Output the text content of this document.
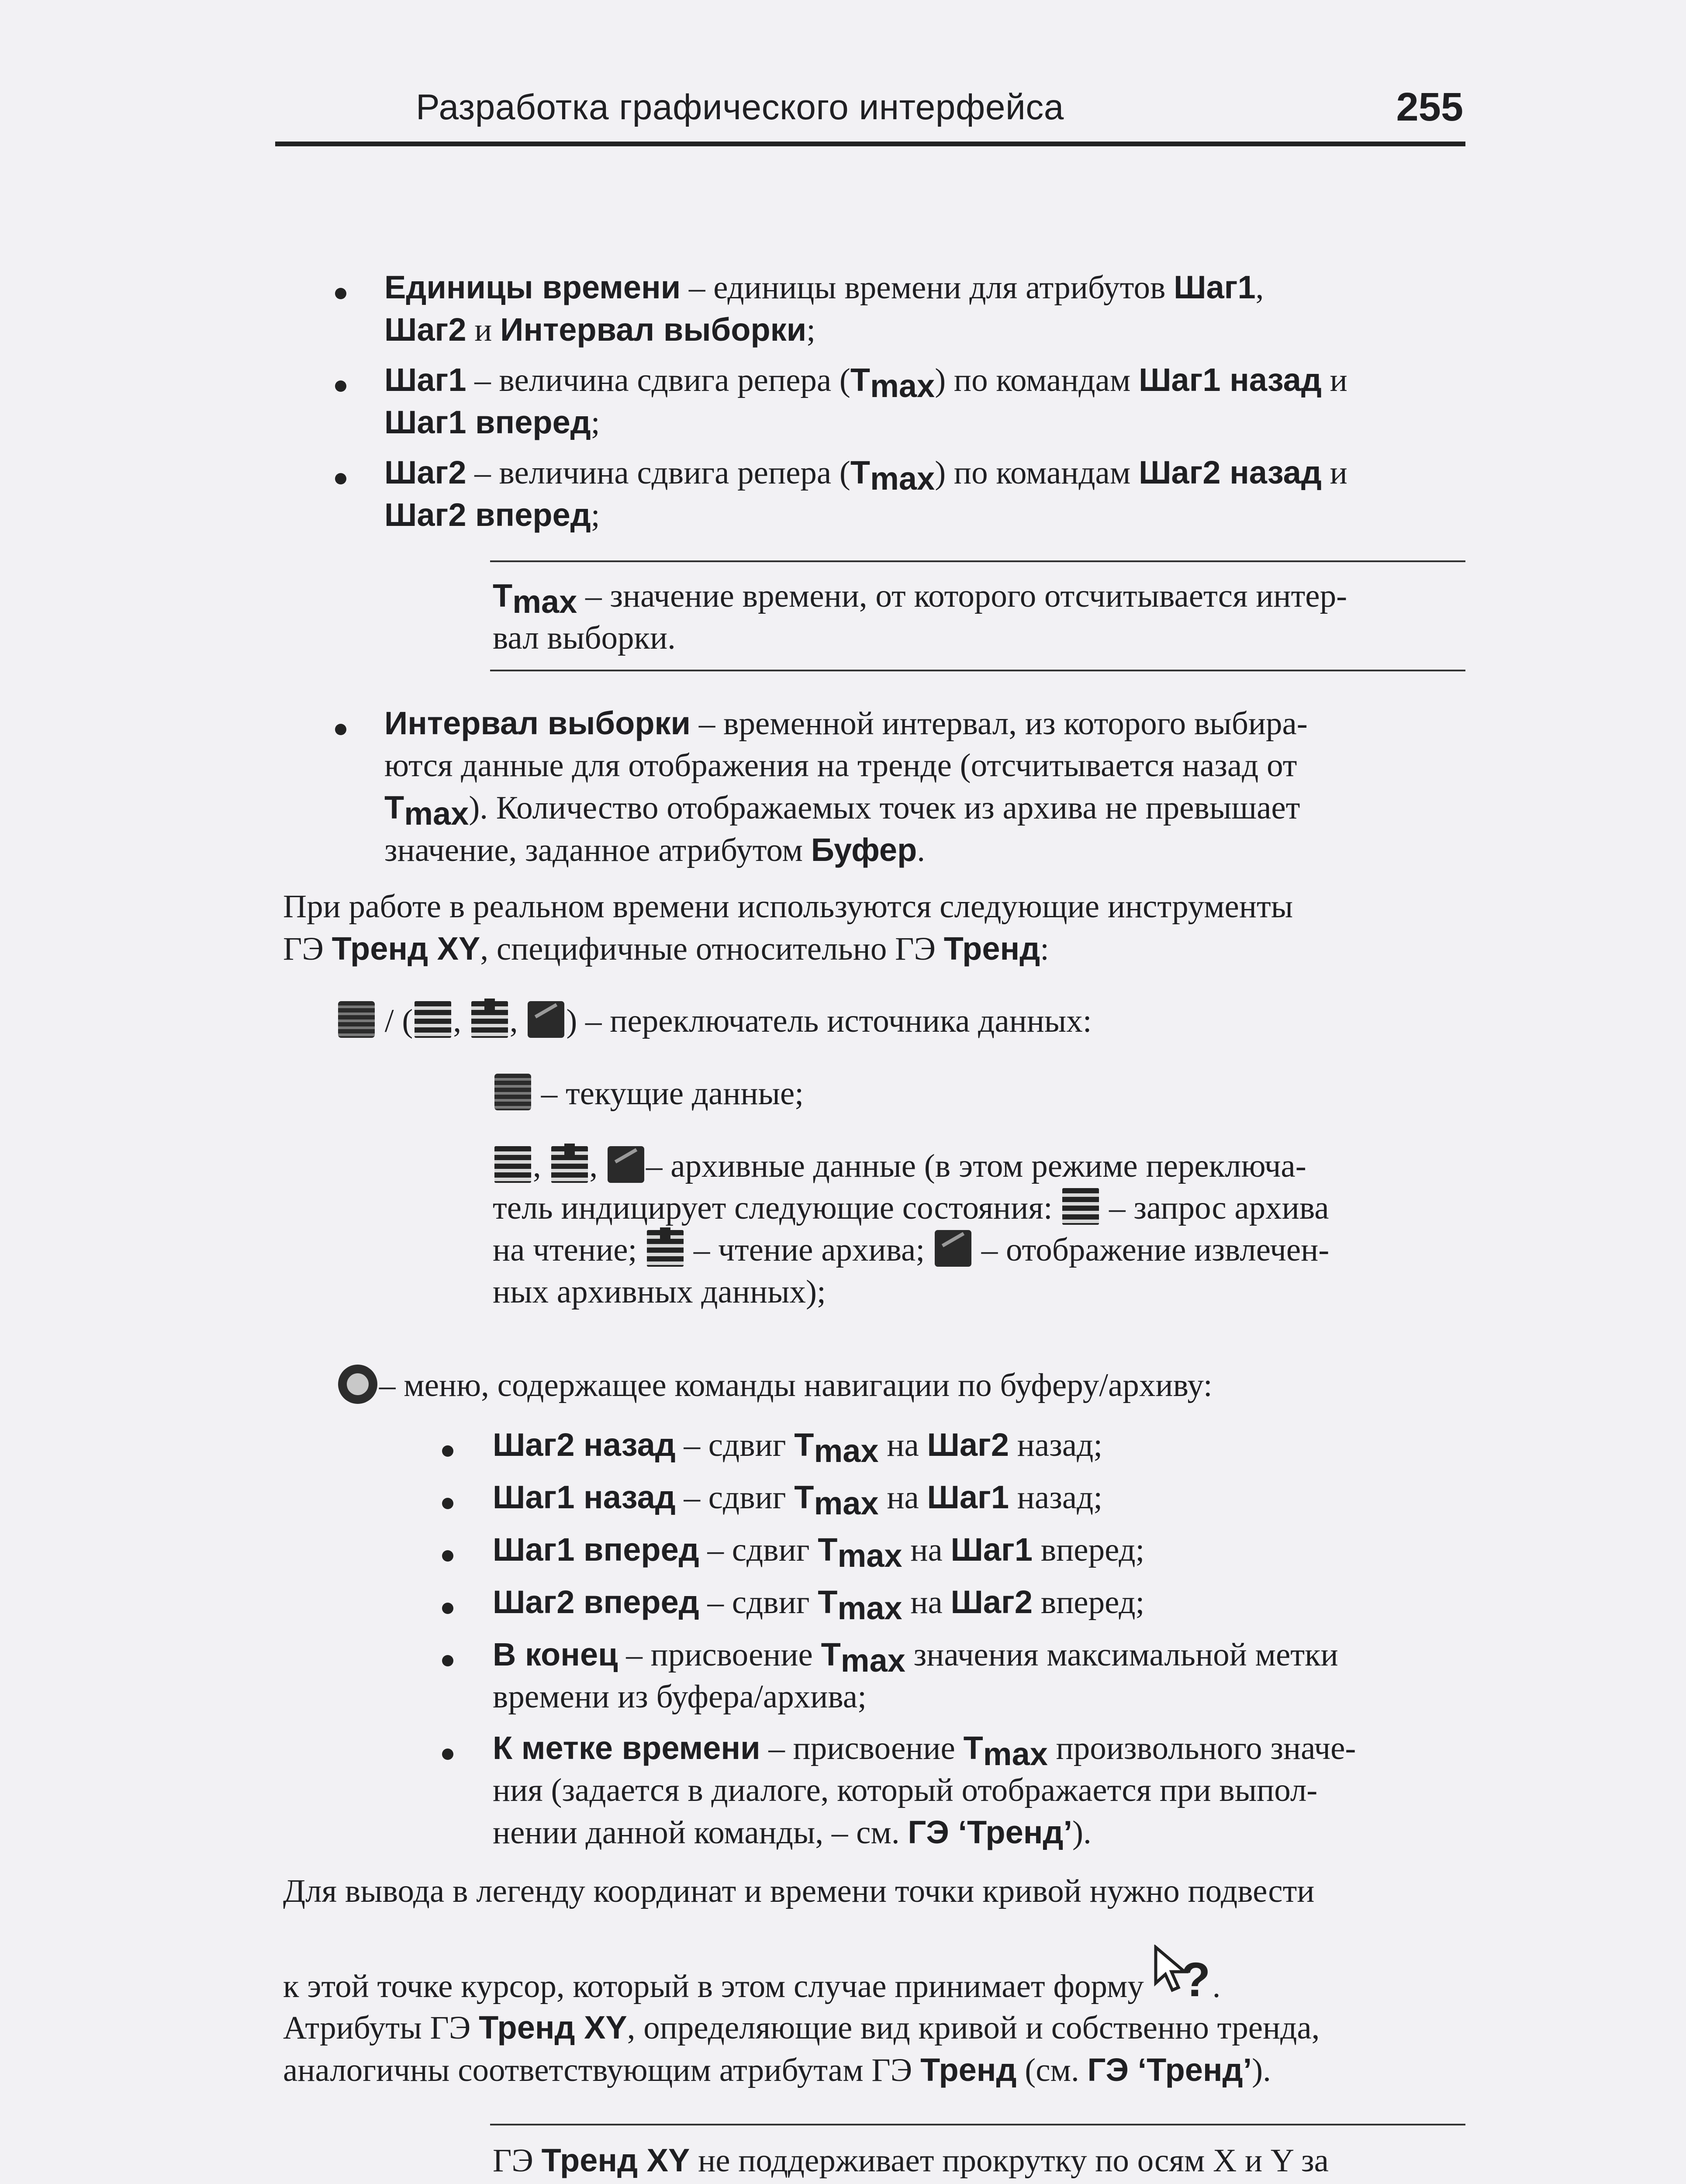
Разработка графического интерфейса	255
Единицы времени – единицы времени для атрибутов Шаг1,
Шаг2 и Интервал выборки;
Шаг1 – величина сдвига репера $(T_{max})$ по командам Шаг1 назад и
Шаг1 вперед;
Шаг2 – величина сдвига репера $(T_{max})$ по командам Шаг2 назад и
Шаг2 вперед;
$T_{max}$ – значение времени, от которого отсчитывается интер-
вал выборки.
Интервал выборки – временной интервал, из которого выбира-
ются данные для отображения на тренде (отсчитывается назад от
$T_{max}$). Количество отображаемых точек из архива не превышает
значение, заданное атрибутом Буфер.
При работе в реальном времени используются следующие инструменты
ГЭ Тренд XY, специфичные относительно ГЭ Тренд:
/ ( , , ) – переключатель источника данных:
– текущие данные;
, , – архивные данные (в этом режиме переключа-
тель индицирует следующие состояния:  – запрос архива
на чтение;  – чтение архива;  – отображение извлечен-
ных архивных данных);
– меню, содержащее команды навигации по буферу/архиву:
Шаг2 назад – сдвиг $T_{max}$ на Шаг2 назад;
Шаг1 назад – сдвиг $T_{max}$ на Шаг1 назад;
Шаг1 вперед – сдвиг $T_{max}$ на Шаг1 вперед;
Шаг2 вперед – сдвиг $T_{max}$ на Шаг2 вперед;
В конец – присвоение $T_{max}$ значения максимальной метки
времени из буфера/архива;
К метке времени – присвоение $T_{max}$ произвольного значе-
ния (задается в диалоге, который отображается при выпол-
нении данной команды, – см. ГЭ ‘Тренд’).
Для вывода в легенду координат и времени точки кривой нужно подвести
к этой точке курсор, который в этом случае принимает форму ? .
Атрибуты ГЭ Тренд XY, определяющие вид кривой и собственно тренда,
аналогичны соответствующим атрибутам ГЭ Тренд (см. ГЭ ‘Тренд’).
ГЭ Тренд XY не поддерживает прокрутку по осям X и Y за
